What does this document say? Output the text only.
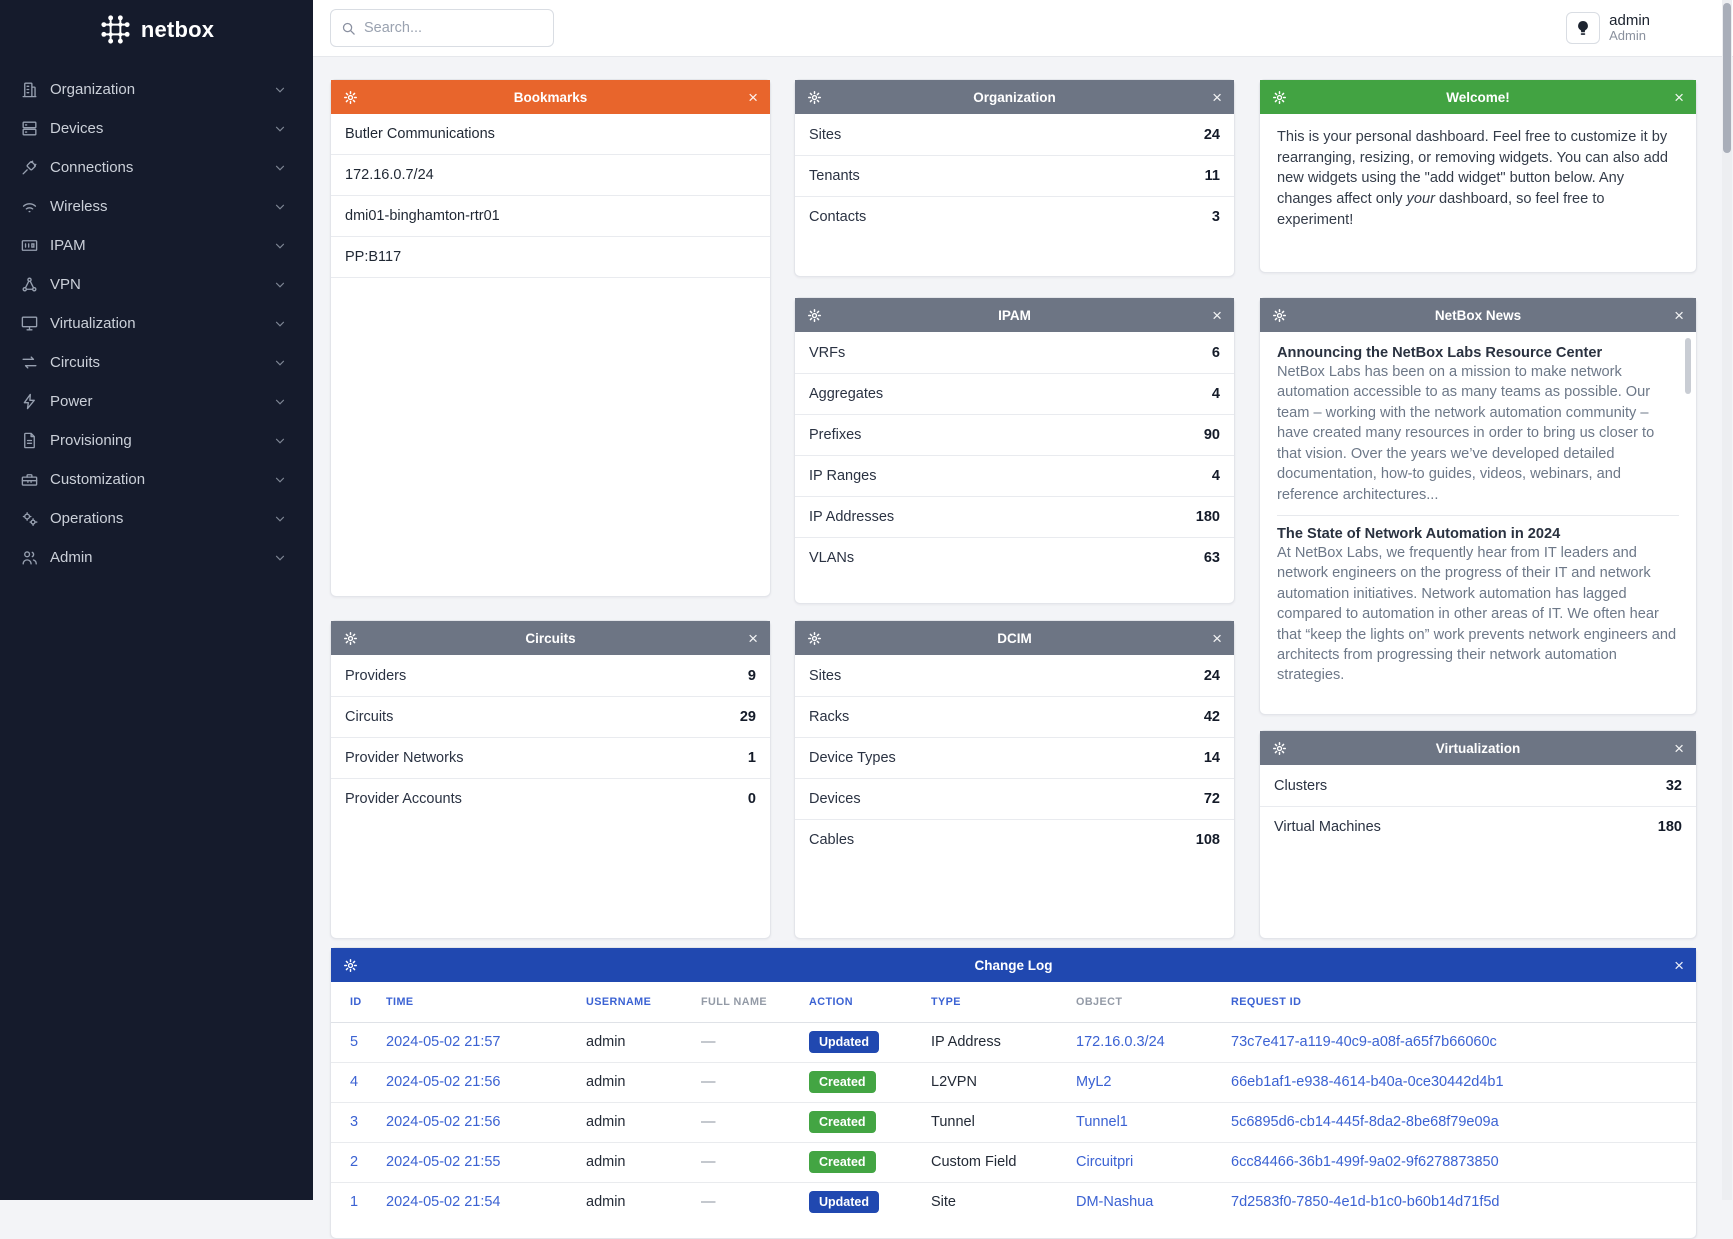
netbox
Organization
Devices
Connections
Wireless
IPAM
VPN
Virtualization
Circuits
Power
Provisioning
Customization
Operations
Admin
Search...
admin
Admin
Bookmarks	×
Butler Communications
172.16.0.7/24
dmi01-binghamton-rtr01
PP:B117
Organization	×
Sites	24
Tenants	11
Contacts	3
Welcome!	×
This is your personal dashboard. Feel free to customize it by rearranging, resizing, or removing widgets. You can also add new widgets using the "add widget" button below. Any changes affect only your dashboard, so feel free to experiment!
IPAM	×
VRFs	6
Aggregates	4
Prefixes	90
IP Ranges	4
IP Addresses	180
VLANs	63
NetBox News	×
Announcing the NetBox Labs Resource Center
NetBox Labs has been on a mission to make network automation accessible to as many teams as possible. Our team – working with the network automation community – have created many resources in order to bring us closer to that vision. Over the years we’ve developed detailed documentation, how-to guides, videos, webinars, and reference architectures...
The State of Network Automation in 2024
At NetBox Labs, we frequently hear from IT leaders and network engineers on the progress of their IT and network automation initiatives. Network automation has lagged compared to automation in other areas of IT. We often hear that “keep the lights on” work prevents network engineers and architects from progressing their network automation strategies.
Circuits	×
Providers	9
Circuits	29
Provider Networks	1
Provider Accounts	0
DCIM	×
Sites	24
Racks	42
Device Types	14
Devices	72
Cables	108
Virtualization	×
Clusters	32
Virtual Machines	180
Change Log	×
ID	TIME	USERNAME	FULL NAME	ACTION	TYPE	OBJECT	REQUEST ID
5	2024-05-02 21:57	admin	—	Updated	IP Address	172.16.0.3/24	73c7e417-a119-40c9-a08f-a65f7b66060c
4	2024-05-02 21:56	admin	—	Created	L2VPN	MyL2	66eb1af1-e938-4614-b40a-0ce30442d4b1
3	2024-05-02 21:56	admin	—	Created	Tunnel	Tunnel1	5c6895d6-cb14-445f-8da2-8be68f79e09a
2	2024-05-02 21:55	admin	—	Created	Custom Field	Circuitpri	6cc84466-36b1-499f-9a02-9f6278873850
1	2024-05-02 21:54	admin	—	Updated	Site	DM-Nashua	7d2583f0-7850-4e1d-b1c0-b60b14d71f5d
